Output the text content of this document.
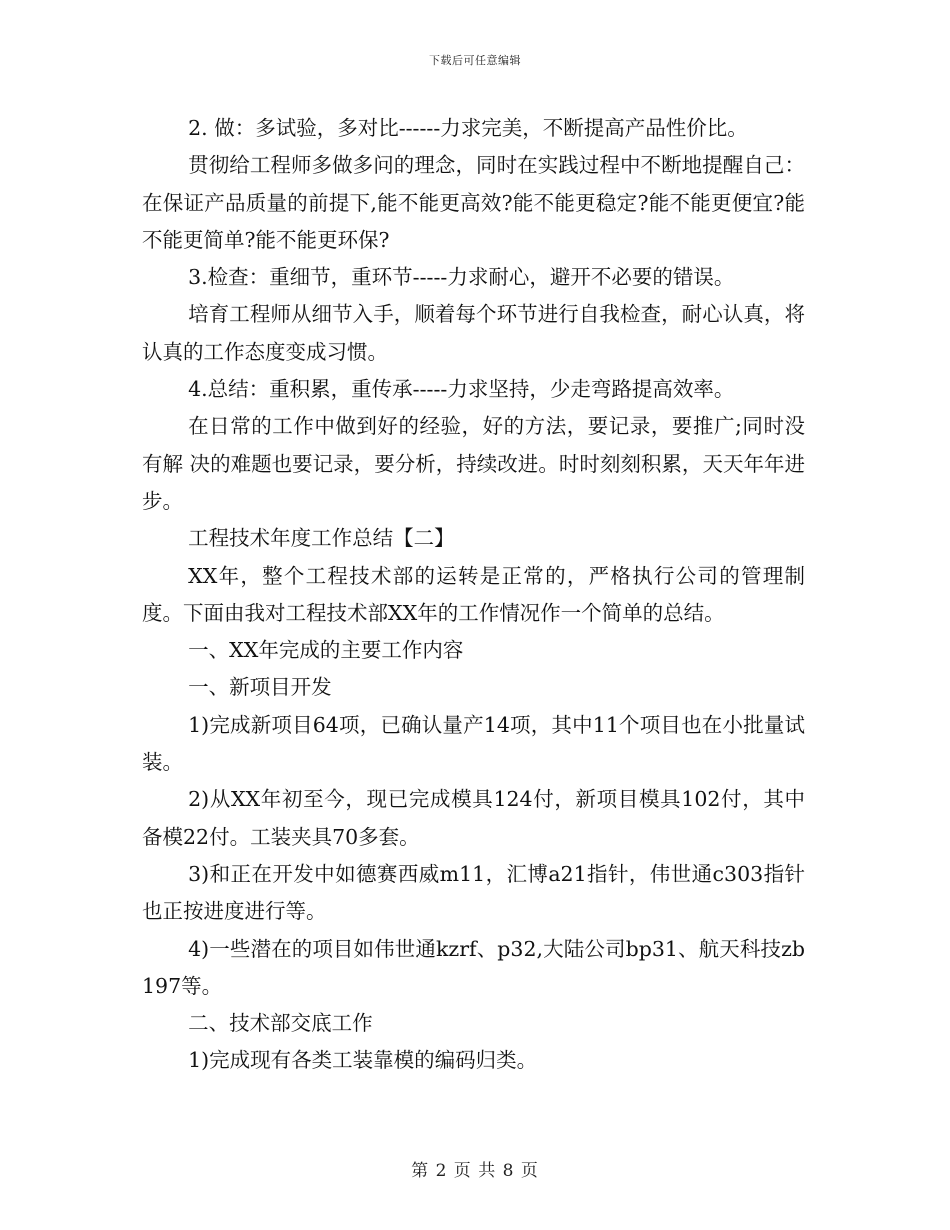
下载后可任意编辑

2. 做：多试验，多对比------力求完美，不断提高产品性价比。

贯彻给工程师多做多问的理念，同时在实践过程中不断地提醒自己：在保证产品质量的前提下,能不能更高效?能不能更稳定?能不能更便宜?能不能更简单?能不能更环保?

3.检查：重细节，重环节-----力求耐心，避开不必要的错误。

培育工程师从细节入手，顺着每个环节进行自我检查，耐心认真，将认真的工作态度变成习惯。

4.总结：重积累，重传承-----力求坚持，少走弯路提高效率。

在日常的工作中做到好的经验，好的方法，要记录，要推广;同时没有解 决的难题也要记录，要分析，持续改进。时时刻刻积累，天天年年进步。

工程技术年度工作总结【二】

XX年，整个工程技术部的运转是正常的，严格执行公司的管理制度。下面由我对工程技术部XX年的工作情况作一个简单的总结。

一、XX年完成的主要工作内容

一、新项目开发

1)完成新项目64项，已确认量产14项，其中11个项目也在小批量试装。

2)从XX年初至今，现已完成模具124付，新项目模具102付，其中备模22付。工装夹具70多套。

3)和正在开发中如德赛西威m11，汇博a21指针，伟世通c303指针也正按进度进行等。

4)一些潜在的项目如伟世通kzrf、p32,大陆公司bp31、航天科技zb197等。

二、技术部交底工作

1)完成现有各类工装靠模的编码归类。

第 2 页 共 8 页
